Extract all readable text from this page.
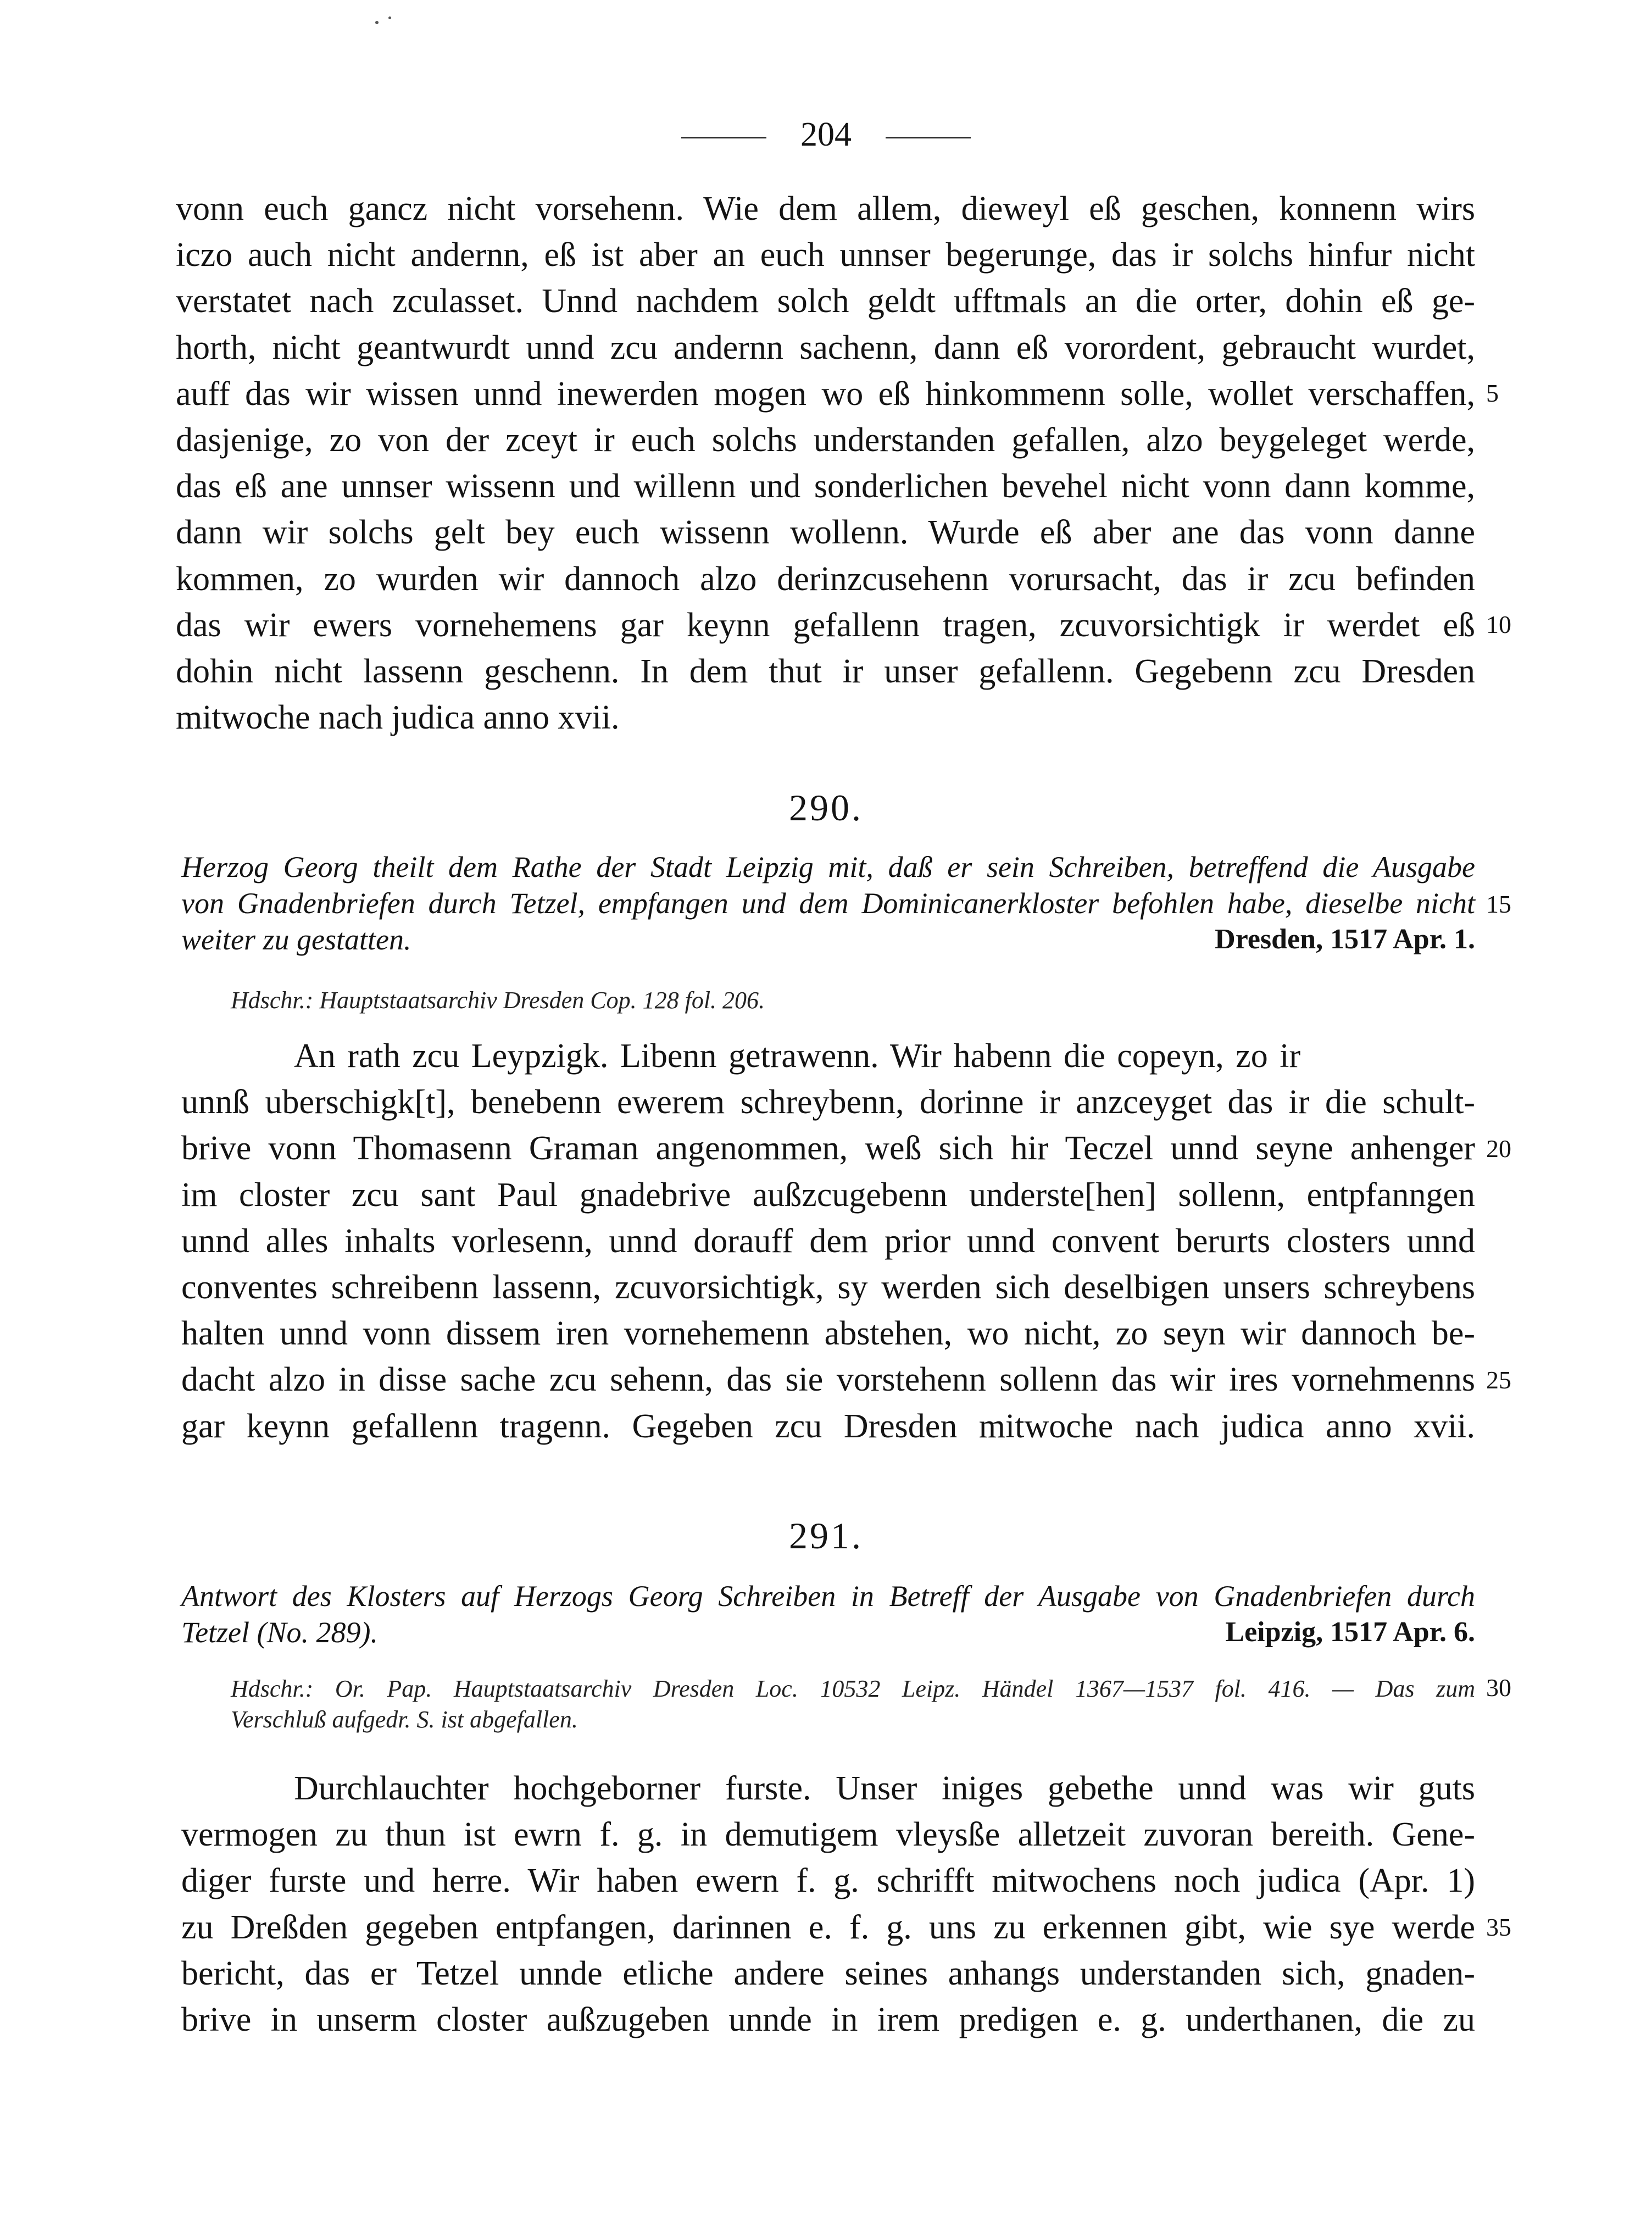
204
vonn euch gancz nicht vorsehenn. Wie dem allem, dieweyl eß geschen, konnenn wirs
iczo auch nicht andernn, eß ist aber an euch unnser begerunge, das ir solchs hinfur nicht
verstatet nach zculasset. Unnd nachdem solch geldt ufftmals an die orter, dohin eß ge-
horth, nicht geantwurdt unnd zcu andernn sachenn, dann eß vorordent, gebraucht wurdet,
auff das wir wissen unnd inewerden mogen wo eß hinkommenn solle, wollet verschaffen,
dasjenige, zo von der zceyt ir euch solchs understanden gefallen, alzo beygeleget werde,
das eß ane unnser wissenn und willenn und sonderlichen bevehel nicht vonn dann komme,
dann wir solchs gelt bey euch wissenn wollenn. Wurde eß aber ane das vonn danne
kommen, zo wurden wir dannoch alzo derinzcusehenn vorursacht, das ir zcu befinden
das wir ewers vornehemens gar keynn gefallenn tragen, zcuvorsichtigk ir werdet eß
dohin nicht lassenn geschenn. In dem thut ir unser gefallenn. Gegebenn zcu Dresden
mitwoche nach judica anno xvii.
5
10
290.
Herzog Georg theilt dem Rathe der Stadt Leipzig mit, daß er sein Schreiben, betreffend die Ausgabe
von Gnadenbriefen durch Tetzel, empfangen und dem Dominicanerkloster befohlen habe, dieselbe nicht
weiter zu gestatten.	Dresden, 1517 Apr. 1.
15
Hdschr.: Hauptstaatsarchiv Dresden Cop. 128 fol. 206.
An rath zcu Leypzigk. Libenn getrawenn. Wir habenn die copeyn, zo ir
unnß uberschigk[t], benebenn ewerem schreybenn, dorinne ir anzceyget das ir die schult-
brive vonn Thomasenn Graman angenommen, weß sich hir Teczel unnd seyne anhenger
im closter zcu sant Paul gnadebrive außzcugebenn underste[hen] sollenn, entpfanngen
unnd alles inhalts vorlesenn, unnd dorauff dem prior unnd convent berurts closters unnd
conventes schreibenn lassenn, zcuvorsichtigk, sy werden sich deselbigen unsers schreybens
halten unnd vonn dissem iren vornehemenn abstehen, wo nicht, zo seyn wir dannoch be-
dacht alzo in disse sache zcu sehenn, das sie vorstehenn sollenn das wir ires vornehmenns
gar keynn gefallenn tragenn. Gegeben zcu Dresden mitwoche nach judica anno xvii.
20
25
291.
Antwort des Klosters auf Herzogs Georg Schreiben in Betreff der Ausgabe von Gnadenbriefen durch
Tetzel (No. 289).	Leipzig, 1517 Apr. 6.
Hdschr.: Or. Pap. Hauptstaatsarchiv Dresden Loc. 10532 Leipz. Händel 1367—1537 fol. 416. — Das zum
Verschluß aufgedr. S. ist abgefallen.
30
Durchlauchter hochgeborner furste. Unser iniges gebethe unnd was wir guts
vermogen zu thun ist ewrn f. g. in demutigem vleysße alletzeit zuvoran bereith. Gene-
diger furste und herre. Wir haben ewern f. g. schrifft mitwochens noch judica (Apr. 1)
zu Dreßden gegeben entpfangen, darinnen e. f. g. uns zu erkennen gibt, wie sye werde
bericht, das er Tetzel unnde etliche andere seines anhangs understanden sich, gnaden-
brive in unserm closter außzugeben unnde in irem predigen e. g. underthanen, die zu
35
